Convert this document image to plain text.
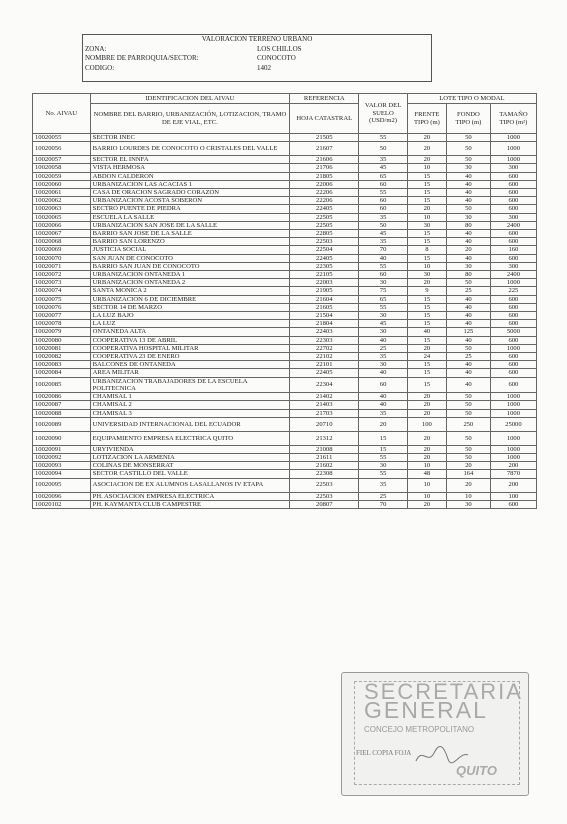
VALORACION TERRENO URBANO
ZONA:	LOS CHILLOS
NOMBRE DE PARROQUIA/SECTOR:	CONOCOTO
CODIGO:	1402
No. AIVAU	IDENTIFICACION DEL AIVAU	REFERENCIA	VALOR DEL SUELO (USD/m2)	LOTE TIPO O MODAL		
	NOMBRE DEL BARRIO, URBANIZACIÓN, LOTIZACION, TRAMO DE EJE VIAL, ETC.	HOJA CATASTRAL		FRENTE TIPO (m)	FONDO TIPO (m)	TAMAÑO TIPO (m²)
10020055	SECTOR INEC	21505	55	20	50	1000
10020056	BARRIO LOURDES DE CONOCOTO O CRISTALES DEL VALLE	21607	50	20	50	1000
10020057	SECTOR EL INNFA	21606	35	20	50	1000
10020058	VISTA HERMOSA	21706	45	10	30	300
10020059	ABDON CALDERON	21805	65	15	40	600
10020060	URBANIZACION LAS ACACIAS 1	22006	60	15	40	600
10020061	CASA DE ORACION SAGRADO CORAZON	22206	55	15	40	600
10020062	URBANIZACION ACOSTA SOBERON	22206	60	15	40	600
10020063	SECTRO PUENTE DE PIEDRA	22405	60	20	50	600
10020065	ESCUELA LA SALLE	22505	35	10	30	300
10020066	URBANIZACION SAN JOSE DE LA SALLE	22505	50	30	80	2400
10020067	BARRIO SAN JOSE DE LA SALLE	22805	45	15	40	600
10020068	BARRIO SAN LORENZO	22503	35	15	40	600
10020069	JUSTICIA SOCIAL	22504	70	8	20	160
10020070	SAN JUAN DE CONOCOTO	22405	40	15	40	600
10020071	BARRIO SAN JUAN DE CONOCOTO	22305	55	10	30	300
10020072	URBANIZACION ONTANEDA 1	22105	60	30	80	2400
10020073	URBANIZACION ONTANEDA 2	22003	30	20	50	1000
10020074	SANTA MONICA 2	21905	75	9	25	225
10020075	URBANIZACION 6 DE DICIEMBRE	21604	65	15	40	600
10020076	SECTOR 14 DE MARZO	21605	55	15	40	600
10020077	LA LUZ BAJO	21504	30	15	40	600
10020078	LA LUZ	21804	45	15	40	600
10020079	ONTANEDA ALTA	22403	30	40	125	5000
10020080	COOPERATIVA 13 DE ABRIL	22303	40	15	40	600
10020081	COOPERATIVA HOSPITAL MILITAR	22702	25	20	50	1000
10020082	COOPERATIVA 23 DE ENERO	22102	35	24	25	600
10020083	BALCONES DE ONTANEDA	22101	30	15	40	600
10020084	AREA MILITAR	22405	40	15	40	600
10020085	URBANIZACION TRABAJADORES DE LA ESCUELA POLITECNICA	22304	60	15	40	600
10020086	CHAMISAL 1	21402	40	20	50	1000
10020087	CHAMISAL 2	21403	40	20	50	1000
10020088	CHAMISAL 3	21703	35	20	50	1000
10020089	UNIVERSIDAD INTERNACIONAL DEL ECUADOR	20710	20	100	250	25000
10020090	EQUIPAMIENTO EMPRESA ELECTRICA QUITO	21312	15	20	50	1000
10020091	URYIVIENDA	21008	15	20	50	1000
10020092	LOTIZACION LA ARMENIA	21611	55	20	50	1000
10020093	COLINAS DE MONSERRAT	21602	30	10	20	200
10020094	SECTOR CASTILLO DEL VALLE	22308	55	48	164	7870
10020095	ASOCIACION DE EX ALUMNOS LASALLANOS IV ETAPA	22503	35	10	20	200
10020096	PH. ASOCIACION EMPRESA ELECTRICA	22503	25	10	10	100
10020102	PH. KAYMANTA CLUB CAMPESTRE	20807	70	20	30	600
SECRETARIA
GENERAL
CONCEJO METROPOLITANO
FIEL COPIA FOJA
QUITO
